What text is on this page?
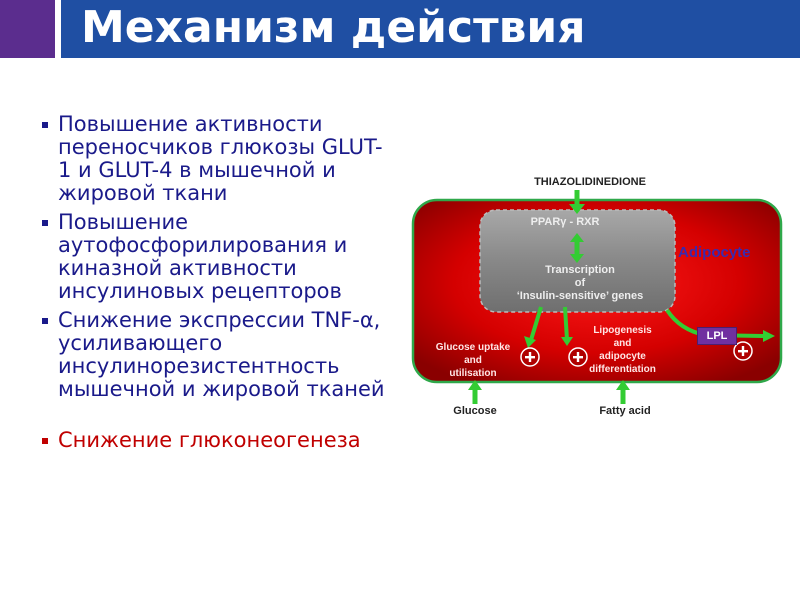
Механизм действия
Повышение активности переносчиков глюкозы GLUT-1 и GLUT-4 в мышечной и жировой ткани
Повышение аутофосфорилирования и киназной активности инсулиновых рецепторов
Снижение экспрессии TNF-α, усиливающего инсулинорезистентность мышечной и жировой тканей
Снижение глюконеогенеза
THIAZOLIDINEDIONE
PPARγ - RXR
Transcription
of
‘Insulin-sensitive’ genes
Adipocyte
Glucose uptake
and
utilisation
Lipogenesis
and
adipocyte
differentiation
LPL
Glucose	Fatty acid
